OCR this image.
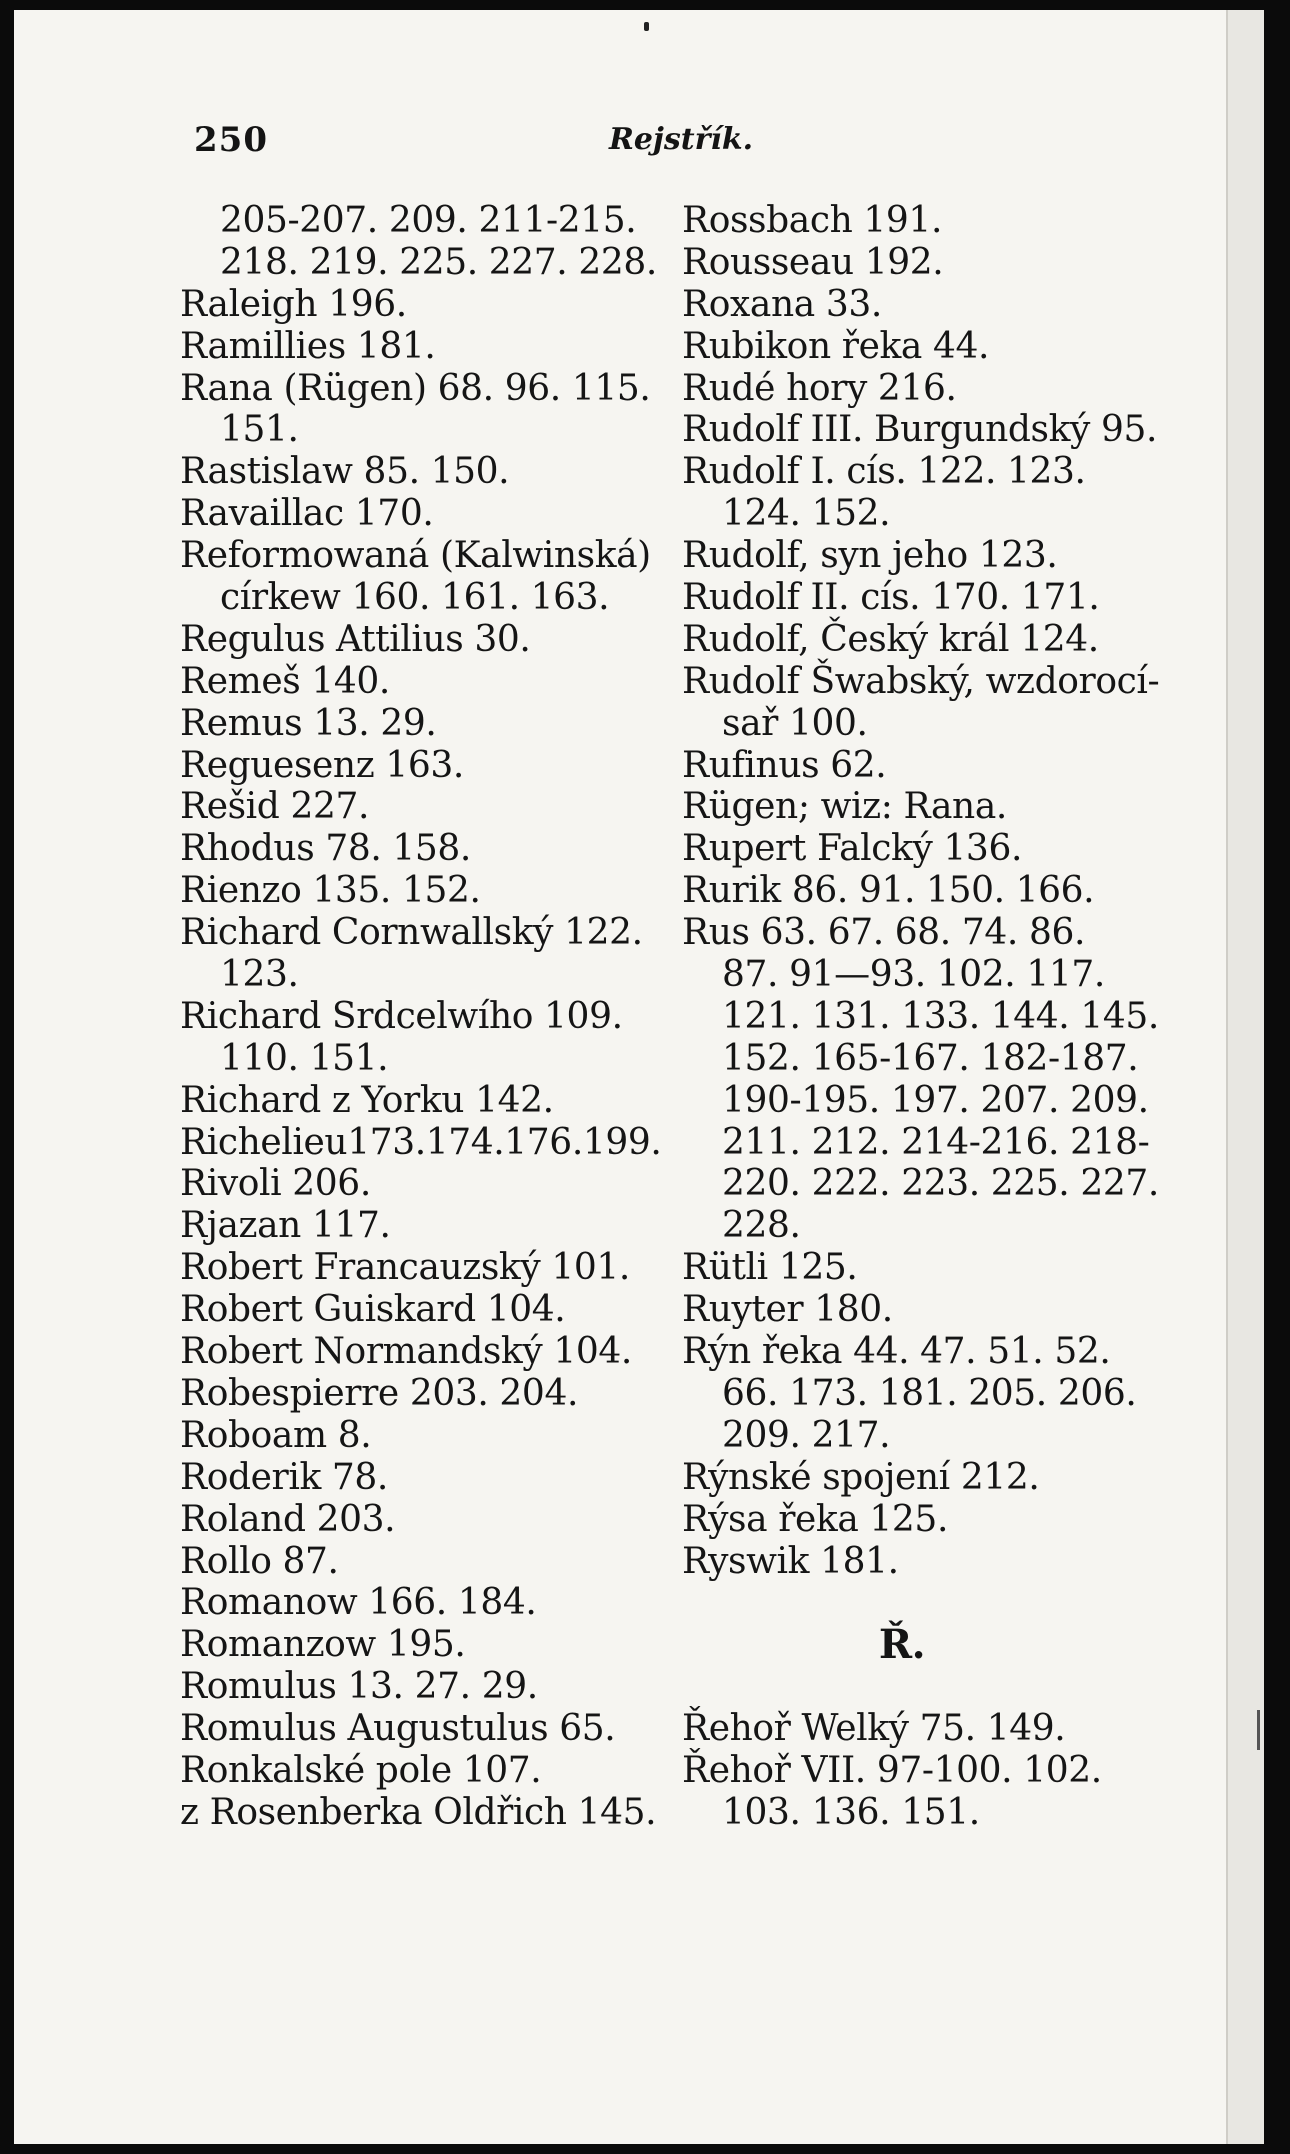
250	Rejstřík.
205-207. 209. 211-215.
218. 219. 225. 227. 228.
Raleigh 196.
Ramillies 181.
Rana (Rügen) 68. 96. 115.
151.
Rastislaw 85. 150.
Ravaillac 170.
Reformowaná (Kalwinská)
církew 160. 161. 163.
Regulus Attilius 30.
Remeš 140.
Remus 13. 29.
Reguesenz 163.
Rešid 227.
Rhodus 78. 158.
Rienzo 135. 152.
Richard Cornwallský 122.
123.
Richard Srdcelwího 109.
110. 151.
Richard z Yorku 142.
Richelieu173.174.176.199.
Rivoli 206.
Rjazan 117.
Robert Francauzský 101.
Robert Guiskard 104.
Robert Normandský 104.
Robespierre 203. 204.
Roboam 8.
Roderik 78.
Roland 203.
Rollo 87.
Romanow 166. 184.
Romanzow 195.
Romulus 13. 27. 29.
Romulus Augustulus 65.
Ronkalské pole 107.
z Rosenberka Oldřich 145.
Rossbach 191.
Rousseau 192.
Roxana 33.
Rubikon řeka 44.
Rudé hory 216.
Rudolf III. Burgundský 95.
Rudolf I. cís. 122. 123.
124. 152.
Rudolf, syn jeho 123.
Rudolf II. cís. 170. 171.
Rudolf, Český král 124.
Rudolf Šwabský, wzdorocí-
sař 100.
Rufinus 62.
Rügen; wiz: Rana.
Rupert Falcký 136.
Rurik 86. 91. 150. 166.
Rus 63. 67. 68. 74. 86.
87. 91—93. 102. 117.
121. 131. 133. 144. 145.
152. 165-167. 182-187.
190-195. 197. 207. 209.
211. 212. 214-216. 218-
220. 222. 223. 225. 227.
228.
Rütli 125.
Ruyter 180.
Rýn řeka 44. 47. 51. 52.
66. 173. 181. 205. 206.
209. 217.
Rýnské spojení 212.
Rýsa řeka 125.
Ryswik 181.
Ř.
Řehoř Welký 75. 149.
Řehoř VII. 97-100. 102.
103. 136. 151.
